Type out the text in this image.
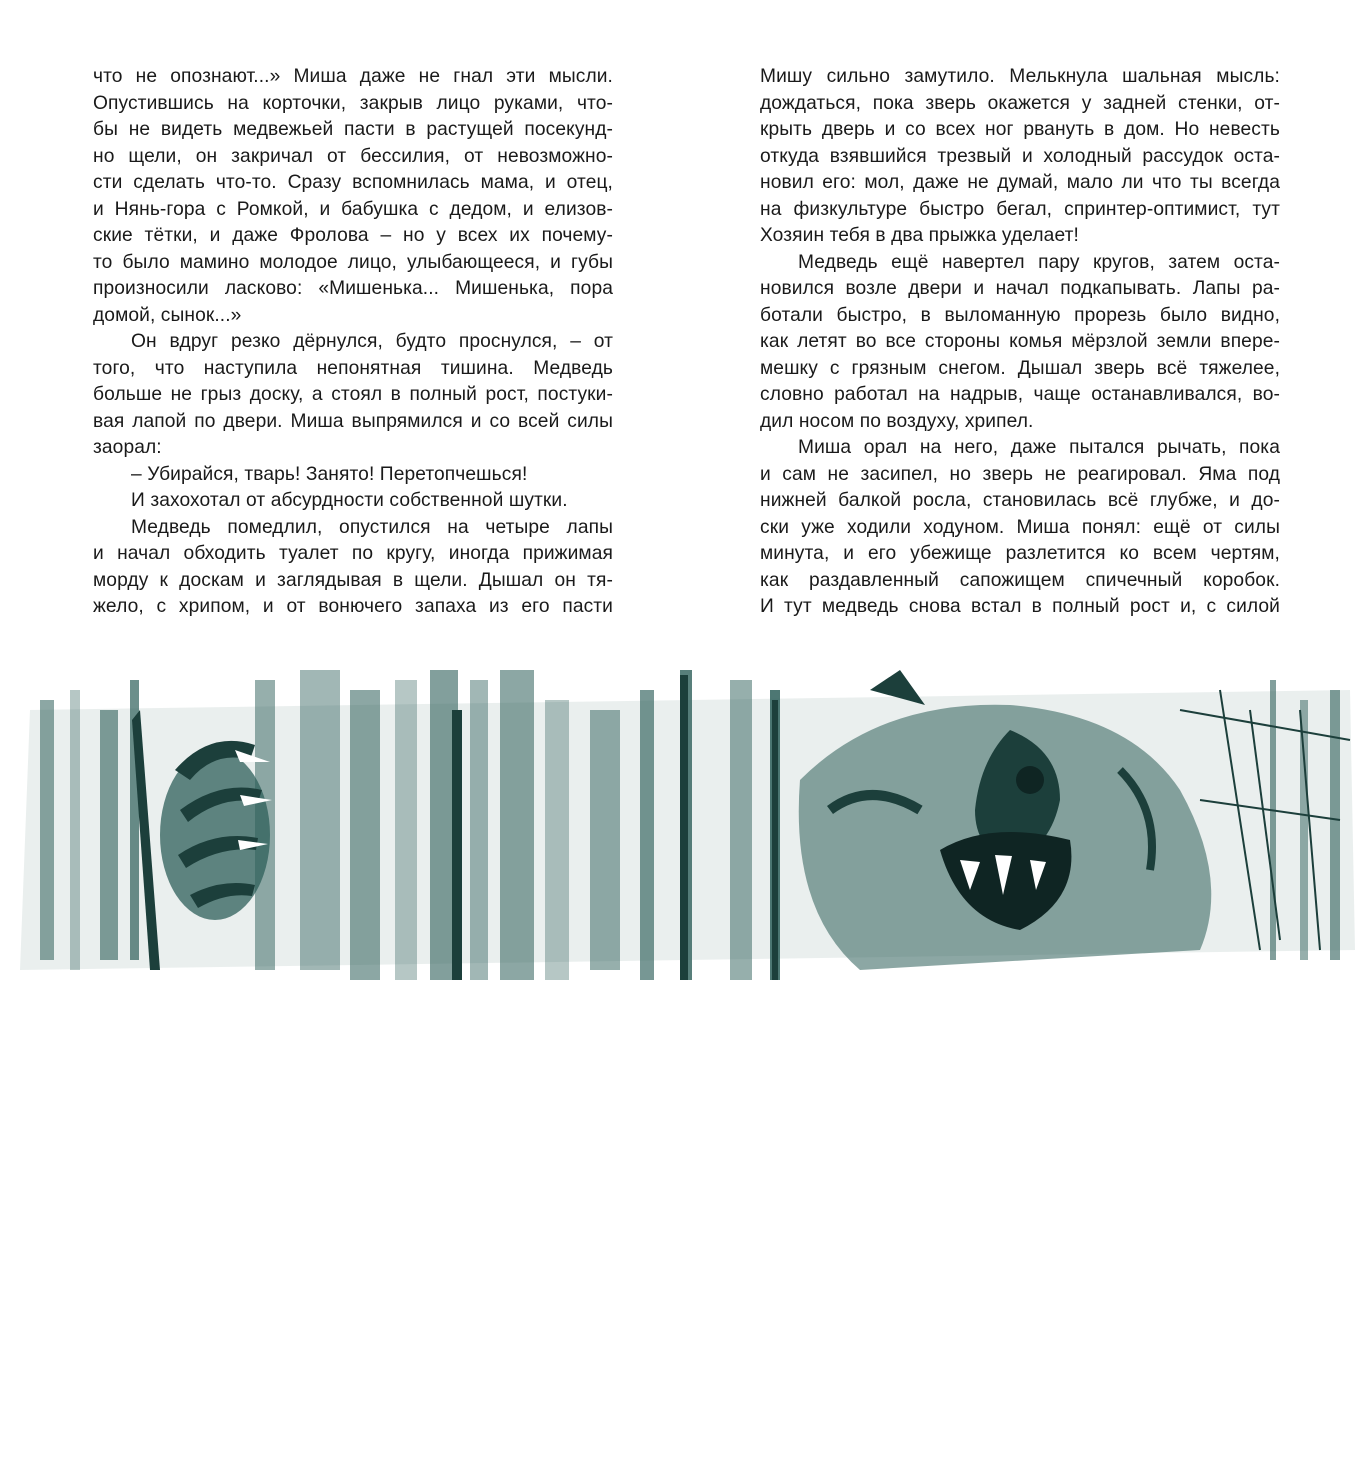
что не опознают...» Миша даже не гнал эти мысли.
Опустившись на корточки, закрыв лицо руками, что-
бы не видеть медвежьей пасти в растущей посекунд-
но щели, он закричал от бессилия, от невозможно-
сти сделать что-то. Сразу вспомнилась мама, и отец,
и Нянь-гора с Ромкой, и бабушка с дедом, и елизов-
ские тётки, и даже Фролова – но у всех их почему-
то было мамино молодое лицо, улыбающееся, и губы
произносили ласково: «Мишенька... Мишенька, пора
домой, сынок...»
Он вдруг резко дёрнулся, будто проснулся, – от
того, что наступила непонятная тишина. Медведь
больше не грыз доску, а стоял в полный рост, постуки-
вая лапой по двери. Миша выпрямился и со всей силы
заорал:
– Убирайся, тварь! Занято! Перетопчешься!
И захохотал от абсурдности собственной шутки.
Медведь помедлил, опустился на четыре лапы
и начал обходить туалет по кругу, иногда прижимая
морду к доскам и заглядывая в щели. Дышал он тя-
жело, с хрипом, и от вонючего запаха из его пасти
Мишу сильно замутило. Мелькнула шальная мысль:
дождаться, пока зверь окажется у задней стенки, от-
крыть дверь и со всех ног рвануть в дом. Но невесть
откуда взявшийся трезвый и холодный рассудок оста-
новил его: мол, даже не думай, мало ли что ты всегда
на физкультуре быстро бегал, спринтер-оптимист, тут
Хозяин тебя в два прыжка уделает!
Медведь ещё навертел пару кругов, затем оста-
новился возле двери и начал подкапывать. Лапы ра-
ботали быстро, в выломанную прорезь было видно,
как летят во все стороны комья мёрзлой земли впере-
мешку с грязным снегом. Дышал зверь всё тяжелее,
словно работал на надрыв, чаще останавливался, во-
дил носом по воздуху, хрипел.
Миша орал на него, даже пытался рычать, пока
и сам не засипел, но зверь не реагировал. Яма под
нижней балкой росла, становилась всё глубже, и до-
ски уже ходили ходуном. Миша понял: ещё от силы
минута, и его убежище разлетится ко всем чертям,
как раздавленный сапожищем спичечный коробок.
И тут медведь снова встал в полный рост и, с силой
Убирайся, тварь! Занято!..
